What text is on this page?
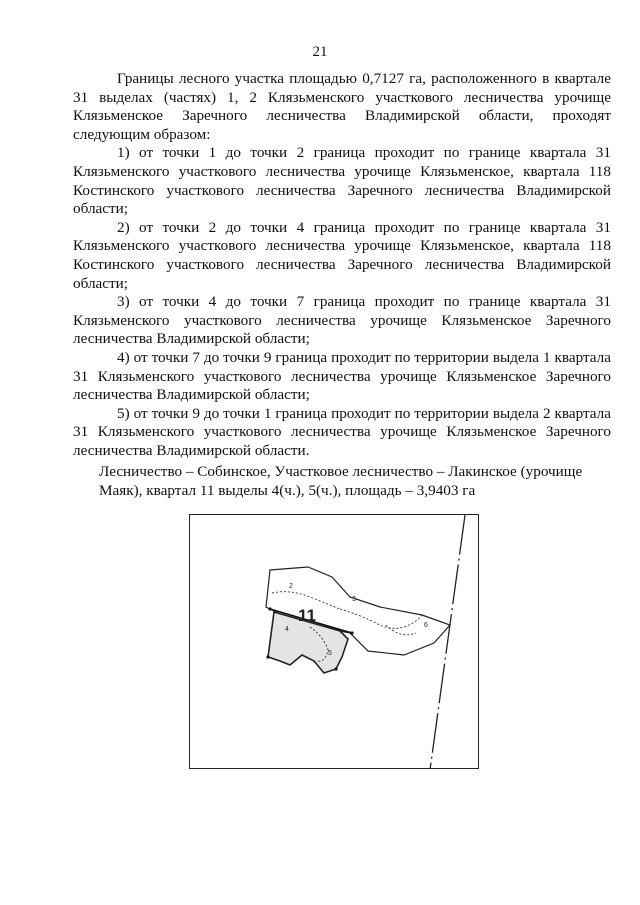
21

Границы лесного участка площадью 0,7127 га, расположенного в квартале 31 выделах (частях) 1, 2 Клязьменского участкового лесничества урочище Клязьменское Заречного лесничества Владимирской области, проходят следующим образом:

1) от точки 1 до точки 2 граница проходит по границе квартала 31 Клязьменского участкового лесничества урочище Клязьменское, квартала 118 Костинского участкового лесничества Заречного лесничества Владимирской области;

2) от точки 2 до точки 4 граница проходит по границе квартала 31 Клязьменского участкового лесничества урочище Клязьменское, квартала 118 Костинского участкового лесничества Заречного лесничества Владимирской области;

3) от точки 4 до точки 7 граница проходит по границе квартала 31 Клязьменского участкового лесничества урочище Клязьменское Заречного лесничества Владимирской области;

4) от точки 7 до точки 9 граница проходит по территории выдела 1 квартала 31 Клязьменского участкового лесничества урочище Клязьменское Заречного лесничества Владимирской области;

5) от точки 9 до точки 1 граница проходит по территории выдела 2 квартала 31 Клязьменского участкового лесничества урочище Клязьменское Заречного лесничества Владимирской области.

Лесничество – Собинское, Участковое лесничество – Лакинское (урочище Маяк), квартал 11 выделы 4(ч.), 5(ч.), площадь – 3,9403 га
11
2
3
4
5
6
